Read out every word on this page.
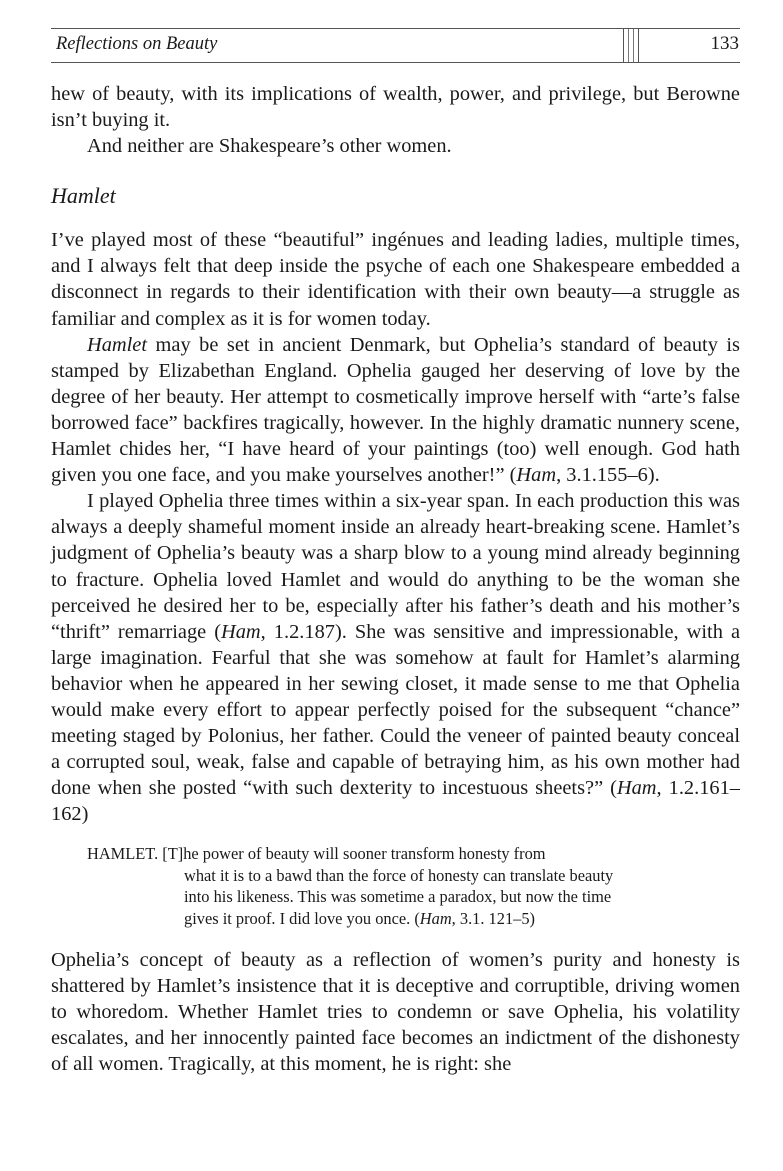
Reflections on Beauty	133

hew of beauty, with its implications of wealth, power, and privilege, but Berowne isn’t buying it.

And neither are Shakespeare’s other women.

Hamlet

I’ve played most of these “beautiful” ingénues and leading ladies, multiple times, and I always felt that deep inside the psyche of each one Shakespeare embedded a disconnect in regards to their identification with their own beauty—a struggle as familiar and complex as it is for women today.

Hamlet may be set in ancient Denmark, but Ophelia’s standard of beauty is stamped by Elizabethan England. Ophelia gauged her deserving of love by the degree of her beauty. Her attempt to cosmetically improve herself with “arte’s false borrowed face” backfires tragically, however. In the highly dramatic nunnery scene, Hamlet chides her, “I have heard of your paintings (too) well enough. God hath given you one face, and you make yourselves another!” (Ham, 3.1.155–6).

I played Ophelia three times within a six-year span. In each production this was always a deeply shameful moment inside an already heart-breaking scene. Hamlet’s judgment of Ophelia’s beauty was a sharp blow to a young mind already beginning to fracture. Ophelia loved Hamlet and would do anything to be the woman she perceived he desired her to be, especially after his father’s death and his mother’s “thrift” remarriage (Ham, 1.2.187). She was sensitive and impressionable, with a large imagination. Fearful that she was somehow at fault for Hamlet’s alarming behavior when he appeared in her sewing closet, it made sense to me that Ophelia would make every effort to appear perfectly poised for the subsequent “chance” meeting staged by Polonius, her father. Could the veneer of painted beauty conceal a corrupted soul, weak, false and capable of betraying him, as his own mother had done when she posted “with such dexterity to incestuous sheets?” (Ham, 1.2.161–162)

HAMLET. [T]he power of beauty will sooner transform honesty from
what it is to a bawd than the force of honesty can translate beauty
into his likeness. This was sometime a paradox, but now the time
gives it proof. I did love you once. (Ham, 3.1. 121–5)

Ophelia’s concept of beauty as a reflection of women’s purity and honesty is shattered by Hamlet’s insistence that it is deceptive and corruptible, driving women to whoredom. Whether Hamlet tries to condemn or save Ophelia, his volatility escalates, and her innocently painted face becomes an indictment of the dishonesty of all women. Tragically, at this moment, he is right: she
